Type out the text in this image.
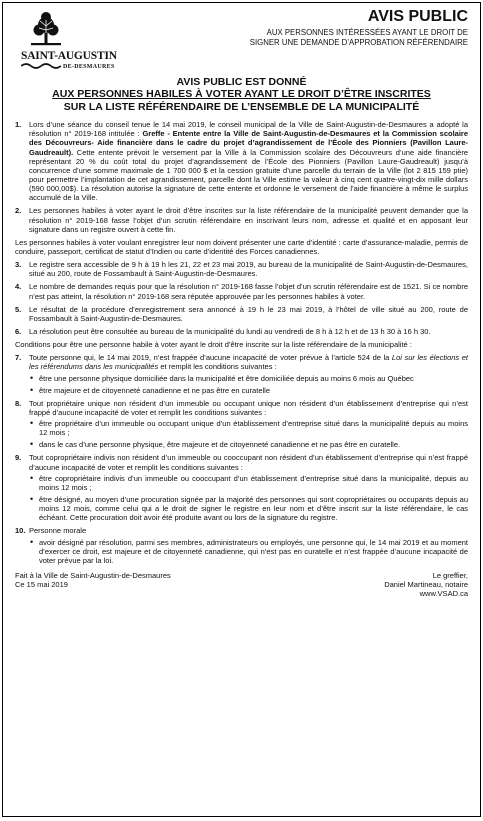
SAINT-AUGUSTIN
DE-DESMAURES
AVIS PUBLIC
AUX PERSONNES INTÉRESSÉES AYANT LE DROIT DE
SIGNER UNE DEMANDE D’APPROBATION RÉFÉRENDAIRE
AVIS PUBLIC EST DONNÉ
AUX PERSONNES HABILES À VOTER AYANT LE DROIT D’ÊTRE INSCRITES
SUR LA LISTE RÉFÉRENDAIRE DE L’ENSEMBLE DE LA MUNICIPALITÉ
1. Lors d’une séance du conseil tenue le 14 mai 2019, le conseil municipal de la Ville de Saint-Augustin-de-Desmaures a adopté la résolution n° 2019-168 intitulée : Greffe - Entente entre la Ville de Saint-Augustin-de-Desmaures et la Commission scolaire des Découvreurs- Aide financière dans le cadre du projet d’agrandissement de l’École des Pionniers (Pavillon Laure-Gaudreault). Cette entente prévoit le versement par la Ville à la Commission scolaire des Découvreurs d’une aide financière représentant 20 % du coût total du projet d’agrandissement de l’École des Pionniers (Pavillon Laure-Gaudreault) jusqu’à concurrence d’une somme maximale de 1 700 000 $ et la cession gratuite d’une parcelle du terrain de la Ville (lot 2 815 159 ptie) pour permettre l’implantation de cet agrandissement, parcelle dont la Ville estime la valeur à cinq cent quatre-vingt-dix mille dollars (590 000,00$). La résolution autorise la signature de cette entente et ordonne le versement de l’aide financière à même le surplus accumulé de la Ville.
2. Les personnes habiles à voter ayant le droit d’être inscrites sur la liste référendaire de la municipalité peuvent demander que la résolution n° 2019-168 fasse l’objet d’un scrutin référendaire en inscrivant leurs nom, adresse et qualité et en apposant leur signature dans un registre ouvert à cette fin.

Les personnes habiles à voter voulant enregistrer leur nom doivent présenter une carte d’identité : carte d’assurance-maladie, permis de conduire, passeport, certificat de statut d’Indien ou carte d’identité des Forces canadiennes.

3. Le registre sera accessible de 9 h à 19 h les 21, 22 et 23 mai 2019, au bureau de la municipalité de Saint-Augustin-de-Desmaures, situé au 200, route de Fossambault à Saint-Augustin-de-Desmaures.
4. Le nombre de demandes requis pour que la résolution n° 2019-168 fasse l’objet d’un scrutin référendaire est de 1521. Si ce nombre n’est pas atteint, la résolution n° 2019-168 sera réputée approuvée par les personnes habiles à voter.
5. Le résultat de la procédure d’enregistrement sera annoncé à 19 h le 23 mai 2019, à l’hôtel de ville situé au 200, route de Fossambault à Saint-Augustin-de-Desmaures.
6. La résolution peut être consultée au bureau de la municipalité du lundi au vendredi de 8 h à 12 h et de 13 h 30 à 16 h 30.

Conditions pour être une personne habile à voter ayant le droit d’être inscrite sur la liste référendaire de la municipalité :

7. Toute personne qui, le 14 mai 2019, n’est frappée d’aucune incapacité de voter prévue à l’article 524 de la Loi sur les élections et les référendums dans les municipalités et remplit les conditions suivantes :
• être une personne physique domiciliée dans la municipalité et être domiciliée depuis au moins 6 mois au Québec
• être majeure et de citoyenneté canadienne et ne pas être en curatelle
8. Tout propriétaire unique non résident d’un immeuble ou occupant unique non résident d’un établissement d’entreprise qui n’est frappé d’aucune incapacité de voter et remplit les conditions suivantes :
• être propriétaire d’un immeuble ou occupant unique d’un établissement d’entreprise situé dans la municipalité depuis au moins 12 mois ;
• dans le cas d’une personne physique, être majeure et de citoyenneté canadienne et ne pas être en curatelle.
9. Tout copropriétaire indivis non résident d’un immeuble ou cooccupant non résident d’un établissement d’entreprise qui n’est frappé d’aucune incapacité de voter et remplit les conditions suivantes :
• être copropriétaire indivis d’un immeuble ou cooccupant d’un établissement d’entreprise situé dans la municipalité, depuis au moins 12 mois ;
• être désigné, au moyen d’une procuration signée par la majorité des personnes qui sont copropriétaires ou occupants depuis au moins 12 mois, comme celui qui a le droit de signer le registre en leur nom et d’être inscrit sur la liste référendaire, le cas échéant. Cette procuration doit avoir été produite avant ou lors de la signature du registre.
10. Personne morale
• avoir désigné par résolution, parmi ses membres, administrateurs ou employés, une personne qui, le 14 mai 2019 et au moment d’exercer ce droit, est majeure et de citoyenneté canadienne, qui n’est pas en curatelle et n’est frappée d’aucune incapacité de voter prévue par la loi.
Fait à la Ville de Saint-Augustin-de-Desmaures
Ce 15 mai 2019
Le greffier,
Daniel Martineau, notaire
www.VSAD.ca
